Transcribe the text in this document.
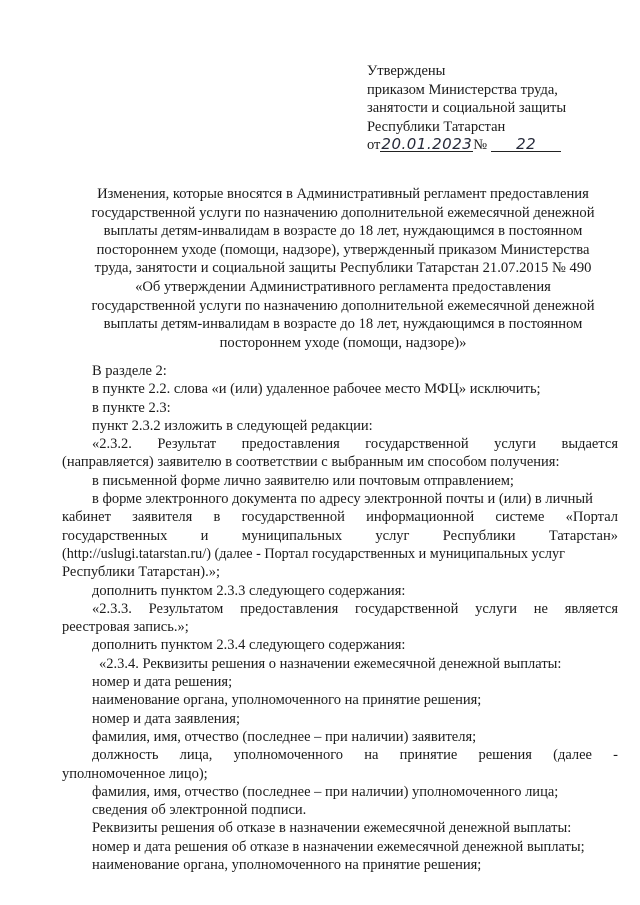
Утверждены
приказом Министерства труда,
занятости и социальной защиты
Республики Татарстан
от20.01.2023№ 22
Изменения, которые вносятся в Административный регламент предоставления
государственной услуги по назначению дополнительной ежемесячной денежной
выплаты детям-инвалидам в возрасте до 18 лет, нуждающимся в постоянном
постороннем уходе (помощи, надзоре), утвержденный приказом Министерства
труда, занятости и социальной защиты Республики Татарстан 21.07.2015 № 490
«Об утверждении Административного регламента предоставления
государственной услуги по назначению дополнительной ежемесячной денежной
выплаты детям-инвалидам в возрасте до 18 лет, нуждающимся в постоянном
постороннем уходе (помощи, надзоре)»
В разделе 2:
в пункте 2.2. слова «и (или) удаленное рабочее место МФЦ» исключить;
в пункте 2.3:
пункт 2.3.2 изложить в следующей редакции:
«2.3.2. Результат предоставления государственной услуги выдается
(направляется) заявителю в соответствии с выбранным им способом получения:
в письменной форме лично заявителю или почтовым отправлением;
в форме электронного документа по адресу электронной почты и (или) в личный
кабинет заявителя в государственной информационной системе «Портал
государственных и муниципальных услуг Республики Татарстан»
(http://uslugi.tatarstan.ru/) (далее - Портал государственных и муниципальных услуг
Республики Татарстан).»;
дополнить пунктом 2.3.3 следующего содержания:
«2.3.3. Результатом предоставления государственной услуги не является
реестровая запись.»;
дополнить пунктом 2.3.4 следующего содержания:
«2.3.4. Реквизиты решения о назначении ежемесячной денежной выплаты:
номер и дата решения;
наименование органа, уполномоченного на принятие решения;
номер и дата заявления;
фамилия, имя, отчество (последнее – при наличии) заявителя;
должность лица, уполномоченного на принятие решения (далее -
уполномоченное лицо);
фамилия, имя, отчество (последнее – при наличии) уполномоченного лица;
сведения об электронной подписи.
Реквизиты решения об отказе в назначении ежемесячной денежной выплаты:
номер и дата решения об отказе в назначении ежемесячной денежной выплаты;
наименование органа, уполномоченного на принятие решения;
